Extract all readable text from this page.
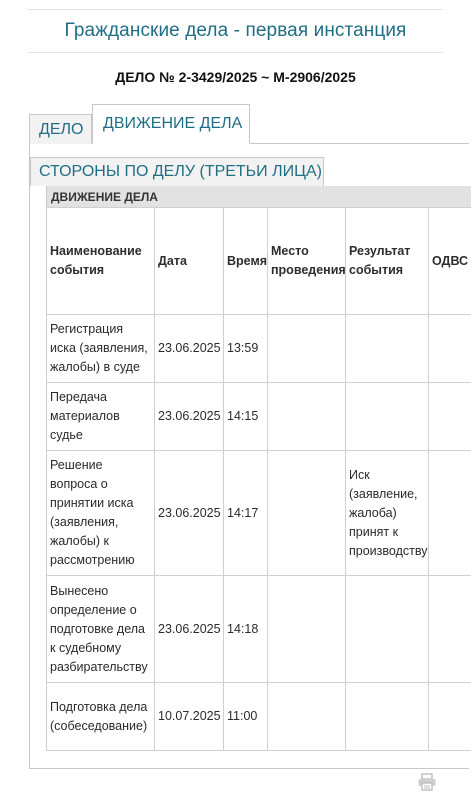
Гражданские дела - первая инстанция
ДЕЛО № 2-3429/2025 ~ М-2906/2025
ДЕЛО	ДВИЖЕНИЕ ДЕЛА
СТОРОНЫ ПО ДЕЛУ (ТРЕТЬИ ЛИЦА)
ДВИЖЕНИЕ ДЕЛА
Наименование события	Дата	Время	Место проведения	Результат события	ОДВС
Регистрация иска (заявления, жалобы) в суде	23.06.2025	13:59			
Передача материалов судье	23.06.2025	14:15			
Решение вопроса о принятии иска (заявления, жалобы) к рассмотрению	23.06.2025	14:17		Иск (заявление, жалоба) принят к производству	
Вынесено определение о подготовке дела к судебному разбирательству	23.06.2025	14:18			
Подготовка дела (собеседование)	10.07.2025	11:00			
